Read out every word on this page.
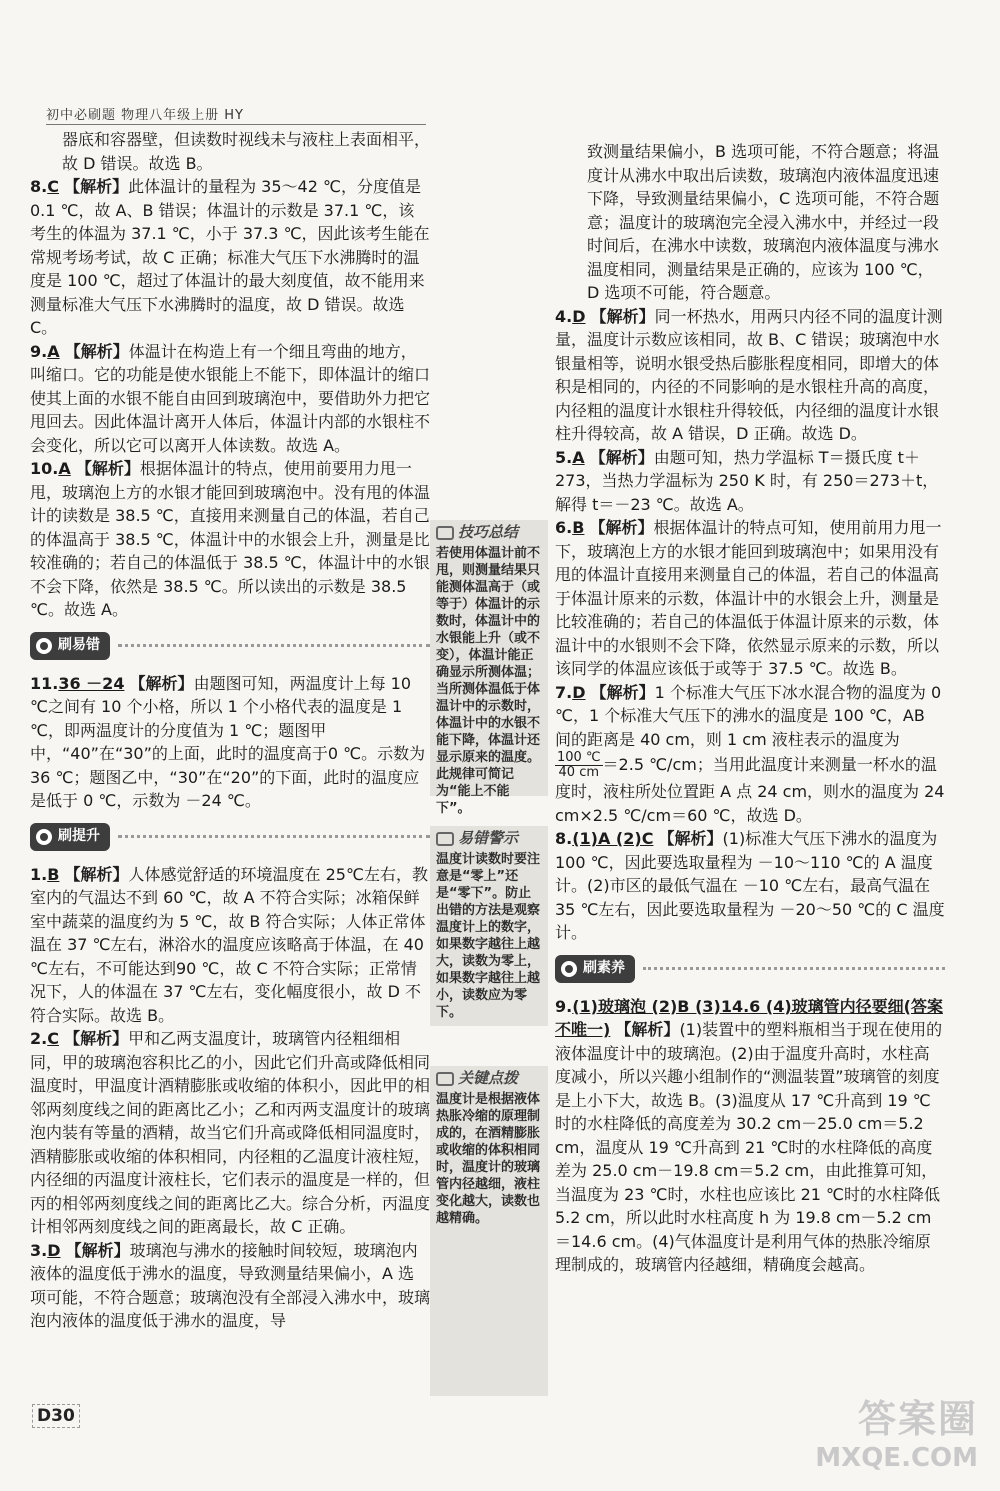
初中必刷题 物理八年级上册 HY

器底和容器壁，但读数时视线未与液柱上表面相平，故 D 错误。故选 B。

8.C 【解析】此体温计的量程为 35～42 ℃，分度值是 0.1 ℃，故 A、B 错误；体温计的示数是 37.1 ℃，该考生的体温为 37.1 ℃，小于 37.3 ℃，因此该考生能在常规考场考试，故 C 正确；标准大气压下水沸腾时的温度是 100 ℃，超过了体温计的最大刻度值，故不能用来测量标准大气压下水沸腾时的温度，故 D 错误。故选 C。

9.A 【解析】体温计在构造上有一个细且弯曲的地方，叫缩口。它的功能是使水银能上不能下，即体温计的缩口使其上面的水银不能自由回到玻璃泡中，要借助外力把它甩回去。因此体温计离开人体后，体温计内部的水银柱不会变化，所以它可以离开人体读数。故选 A。

10.A 【解析】根据体温计的特点，使用前要用力甩一甩，玻璃泡上方的水银才能回到玻璃泡中。没有甩的体温计的读数是 38.5 ℃，直接用来测量自己的体温，若自己的体温高于 38.5 ℃，体温计中的水银会上升，测量是比较准确的；若自己的体温低于 38.5 ℃，体温计中的水银不会下降，依然是 38.5 ℃。所以读出的示数是 38.5 ℃。故选 A。

刷易错

11.36 －24 【解析】由题图可知，两温度计上每 10 ℃之间有 10 个小格，所以 1 个小格代表的温度是 1 ℃，即两温度计的分度值为 1 ℃；题图甲中，“40”在“30”的上面，此时的温度高于0 ℃。示数为 36 ℃；题图乙中，“30”在“20”的下面，此时的温度应是低于 0 ℃，示数为 －24 ℃。

刷提升

1.B 【解析】人体感觉舒适的环境温度在 25℃左右，教室内的气温达不到 60 ℃，故 A 不符合实际；冰箱保鲜室中蔬菜的温度约为 5 ℃，故 B 符合实际；人体正常体温在 37 ℃左右，淋浴水的温度应该略高于体温，在 40 ℃左右，不可能达到90 ℃，故 C 不符合实际；正常情况下，人的体温在 37 ℃左右，变化幅度很小，故 D 不符合实际。故选 B。

2.C 【解析】甲和乙两支温度计，玻璃管内径粗细相同，甲的玻璃泡容积比乙的小，因此它们升高或降低相同温度时，甲温度计酒精膨胀或收缩的体积小，因此甲的相邻两刻度线之间的距离比乙小；乙和丙两支温度计的玻璃泡内装有等量的酒精，故当它们升高或降低相同温度时，酒精膨胀或收缩的体积相同，内径粗的乙温度计液柱短，内径细的丙温度计液柱长，它们表示的温度是一样的，但丙的相邻两刻度线之间的距离比乙大。综合分析，丙温度计相邻两刻度线之间的距离最长，故 C 正确。

3.D 【解析】玻璃泡与沸水的接触时间较短，玻璃泡内液体的温度低于沸水的温度，导致测量结果偏小，A 选项可能，不符合题意；玻璃泡没有全部浸入沸水中，玻璃泡内液体的温度低于沸水的温度，导

技巧总结
若使用体温计前不甩，则测量结果只能测体温高于（或等于）体温计的示数时，体温计中的水银能上升（或不变），体温计能正确显示所测体温；当所测体温低于体温计中的示数时，体温计中的水银不能下降，体温计还显示原来的温度。此规律可简记为“能上不能下”。
易错警示
温度计读数时要注意是“零上”还是“零下”。防止出错的方法是观察温度计上的数字，如果数字越往上越大，读数为零上，如果数字越往上越小，读数应为零下。
关键点拨
温度计是根据液体热胀冷缩的原理制成的，在酒精膨胀或收缩的体积相同时，温度计的玻璃管内径越细，液柱变化越大，读数也越精确。

致测量结果偏小，B 选项可能，不符合题意；将温度计从沸水中取出后读数，玻璃泡内液体温度迅速下降，导致测量结果偏小，C 选项可能，不符合题意；温度计的玻璃泡完全浸入沸水中，并经过一段时间后，在沸水中读数，玻璃泡内液体温度与沸水温度相同，测量结果是正确的，应该为 100 ℃，D 选项不可能，符合题意。

4.D 【解析】同一杯热水，用两只内径不同的温度计测量，温度计示数应该相同，故 B、C 错误；玻璃泡中水银量相等，说明水银受热后膨胀程度相同，即增大的体积是相同的，内径的不同影响的是水银柱升高的高度，内径粗的温度计水银柱升得较低，内径细的温度计水银柱升得较高，故 A 错误，D 正确。故选 D。

5.A 【解析】由题可知，热力学温标 T＝摄氏度 t＋273，当热力学温标为 250 K 时，有 250＝273＋t，解得 t＝－23 ℃。故选 A。

6.B 【解析】根据体温计的特点可知，使用前用力甩一下，玻璃泡上方的水银才能回到玻璃泡中；如果用没有甩的体温计直接用来测量自己的体温，若自己的体温高于体温计原来的示数，体温计中的水银会上升，测量是比较准确的；若自己的体温低于体温计原来的示数，体温计中的水银则不会下降，依然显示原来的示数，所以该同学的体温应该低于或等于 37.5 ℃。故选 B。

7.D 【解析】1 个标准大气压下冰水混合物的温度为 0 ℃，1 个标准大气压下的沸水的温度是 100 ℃，AB 间的距离是 40 cm，则 1 cm 液柱表示的温度为
$\frac{100 ℃}{40 cm} =2.5$ ℃/cm；当用此温度计来测量一杯水的温度时，液柱所处位置距 A 点 24 cm，则水的温度为 24 cm×2.5 ℃/cm＝60 ℃，故选 D。

8.(1)A (2)C 【解析】(1)标准大气压下沸水的温度为 100 ℃，因此要选取量程为 －10～110 ℃的 A 温度计。(2)市区的最低气温在 －10 ℃左右，最高气温在 35 ℃左右，因此要选取量程为 －20～50 ℃的 C 温度计。

刷素养

9.(1)玻璃泡 (2)B (3)14.6 (4)玻璃管内径要细(答案不唯一) 【解析】(1)装置中的塑料瓶相当于现在使用的液体温度计中的玻璃泡。(2)由于温度升高时，水柱高度减小，所以兴趣小组制作的“测温装置”玻璃管的刻度是上小下大，故选 B。(3)温度从 17 ℃升高到 19 ℃时的水柱降低的高度差为 30.2 cm－25.0 cm＝5.2 cm，温度从 19 ℃升高到 21 ℃时的水柱降低的高度差为 25.0 cm－19.8 cm＝5.2 cm，由此推算可知，当温度为 23 ℃时，水柱也应该比 21 ℃时的水柱降低 5.2 cm，所以此时水柱高度 h 为 19.8 cm－5.2 cm＝14.6 cm。(4)气体温度计是利用气体的热胀冷缩原理制成的，玻璃管内径越细，精确度会越高。

D30	答案圈
MXQE.COM
